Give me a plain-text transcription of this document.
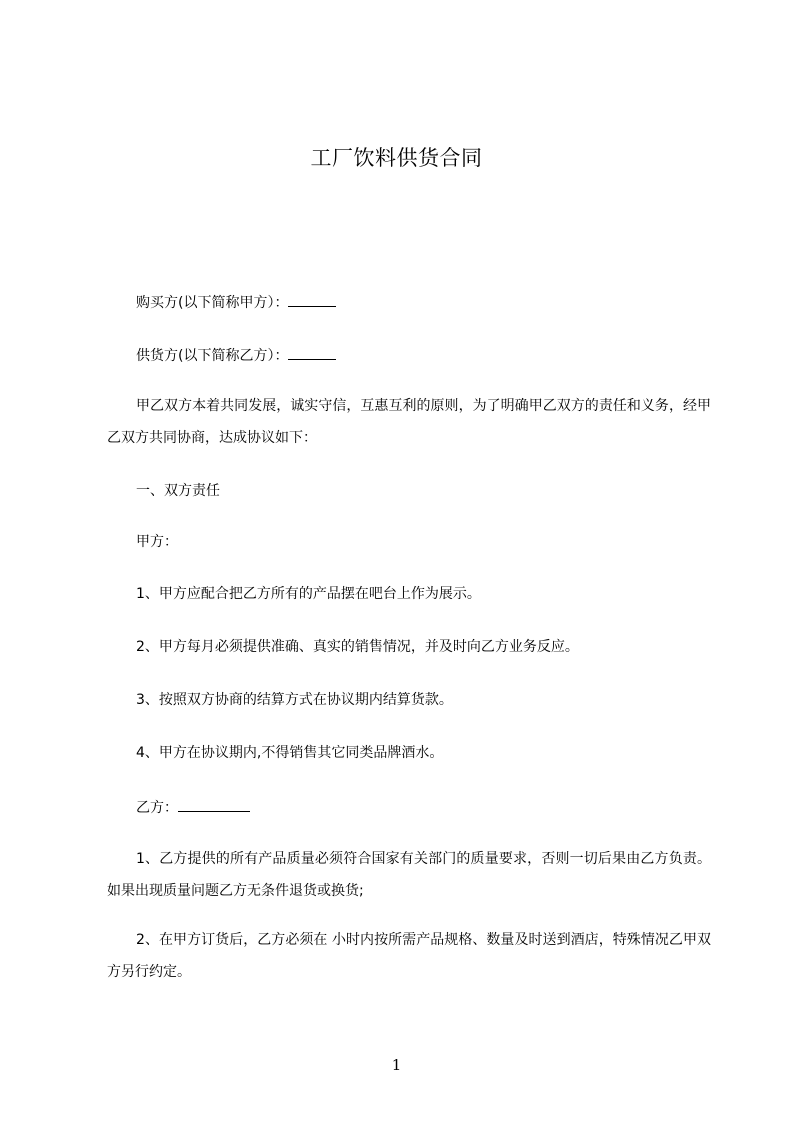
工厂饮料供货合同
购买方(以下简称甲方）：
供货方(以下简称乙方）：
甲乙双方本着共同发展，诚实守信，互惠互利的原则，为了明确甲乙双方的责任和义务，经甲乙双方共同协商，达成协议如下：
一、双方责任
甲方：
1、甲方应配合把乙方所有的产品摆在吧台上作为展示。
2、甲方每月必须提供准确、真实的销售情况，并及时向乙方业务反应。
3、按照双方协商的结算方式在协议期内结算货款。
4、甲方在协议期内,不得销售其它同类品牌酒水。
乙方：
1、乙方提供的所有产品质量必须符合国家有关部门的质量要求，否则一切后果由乙方负责。如果出现质量问题乙方无条件退货或换货;
2、在甲方订货后，乙方必须在 小时内按所需产品规格、数量及时送到酒店，特殊情况乙甲双方另行约定。
1
